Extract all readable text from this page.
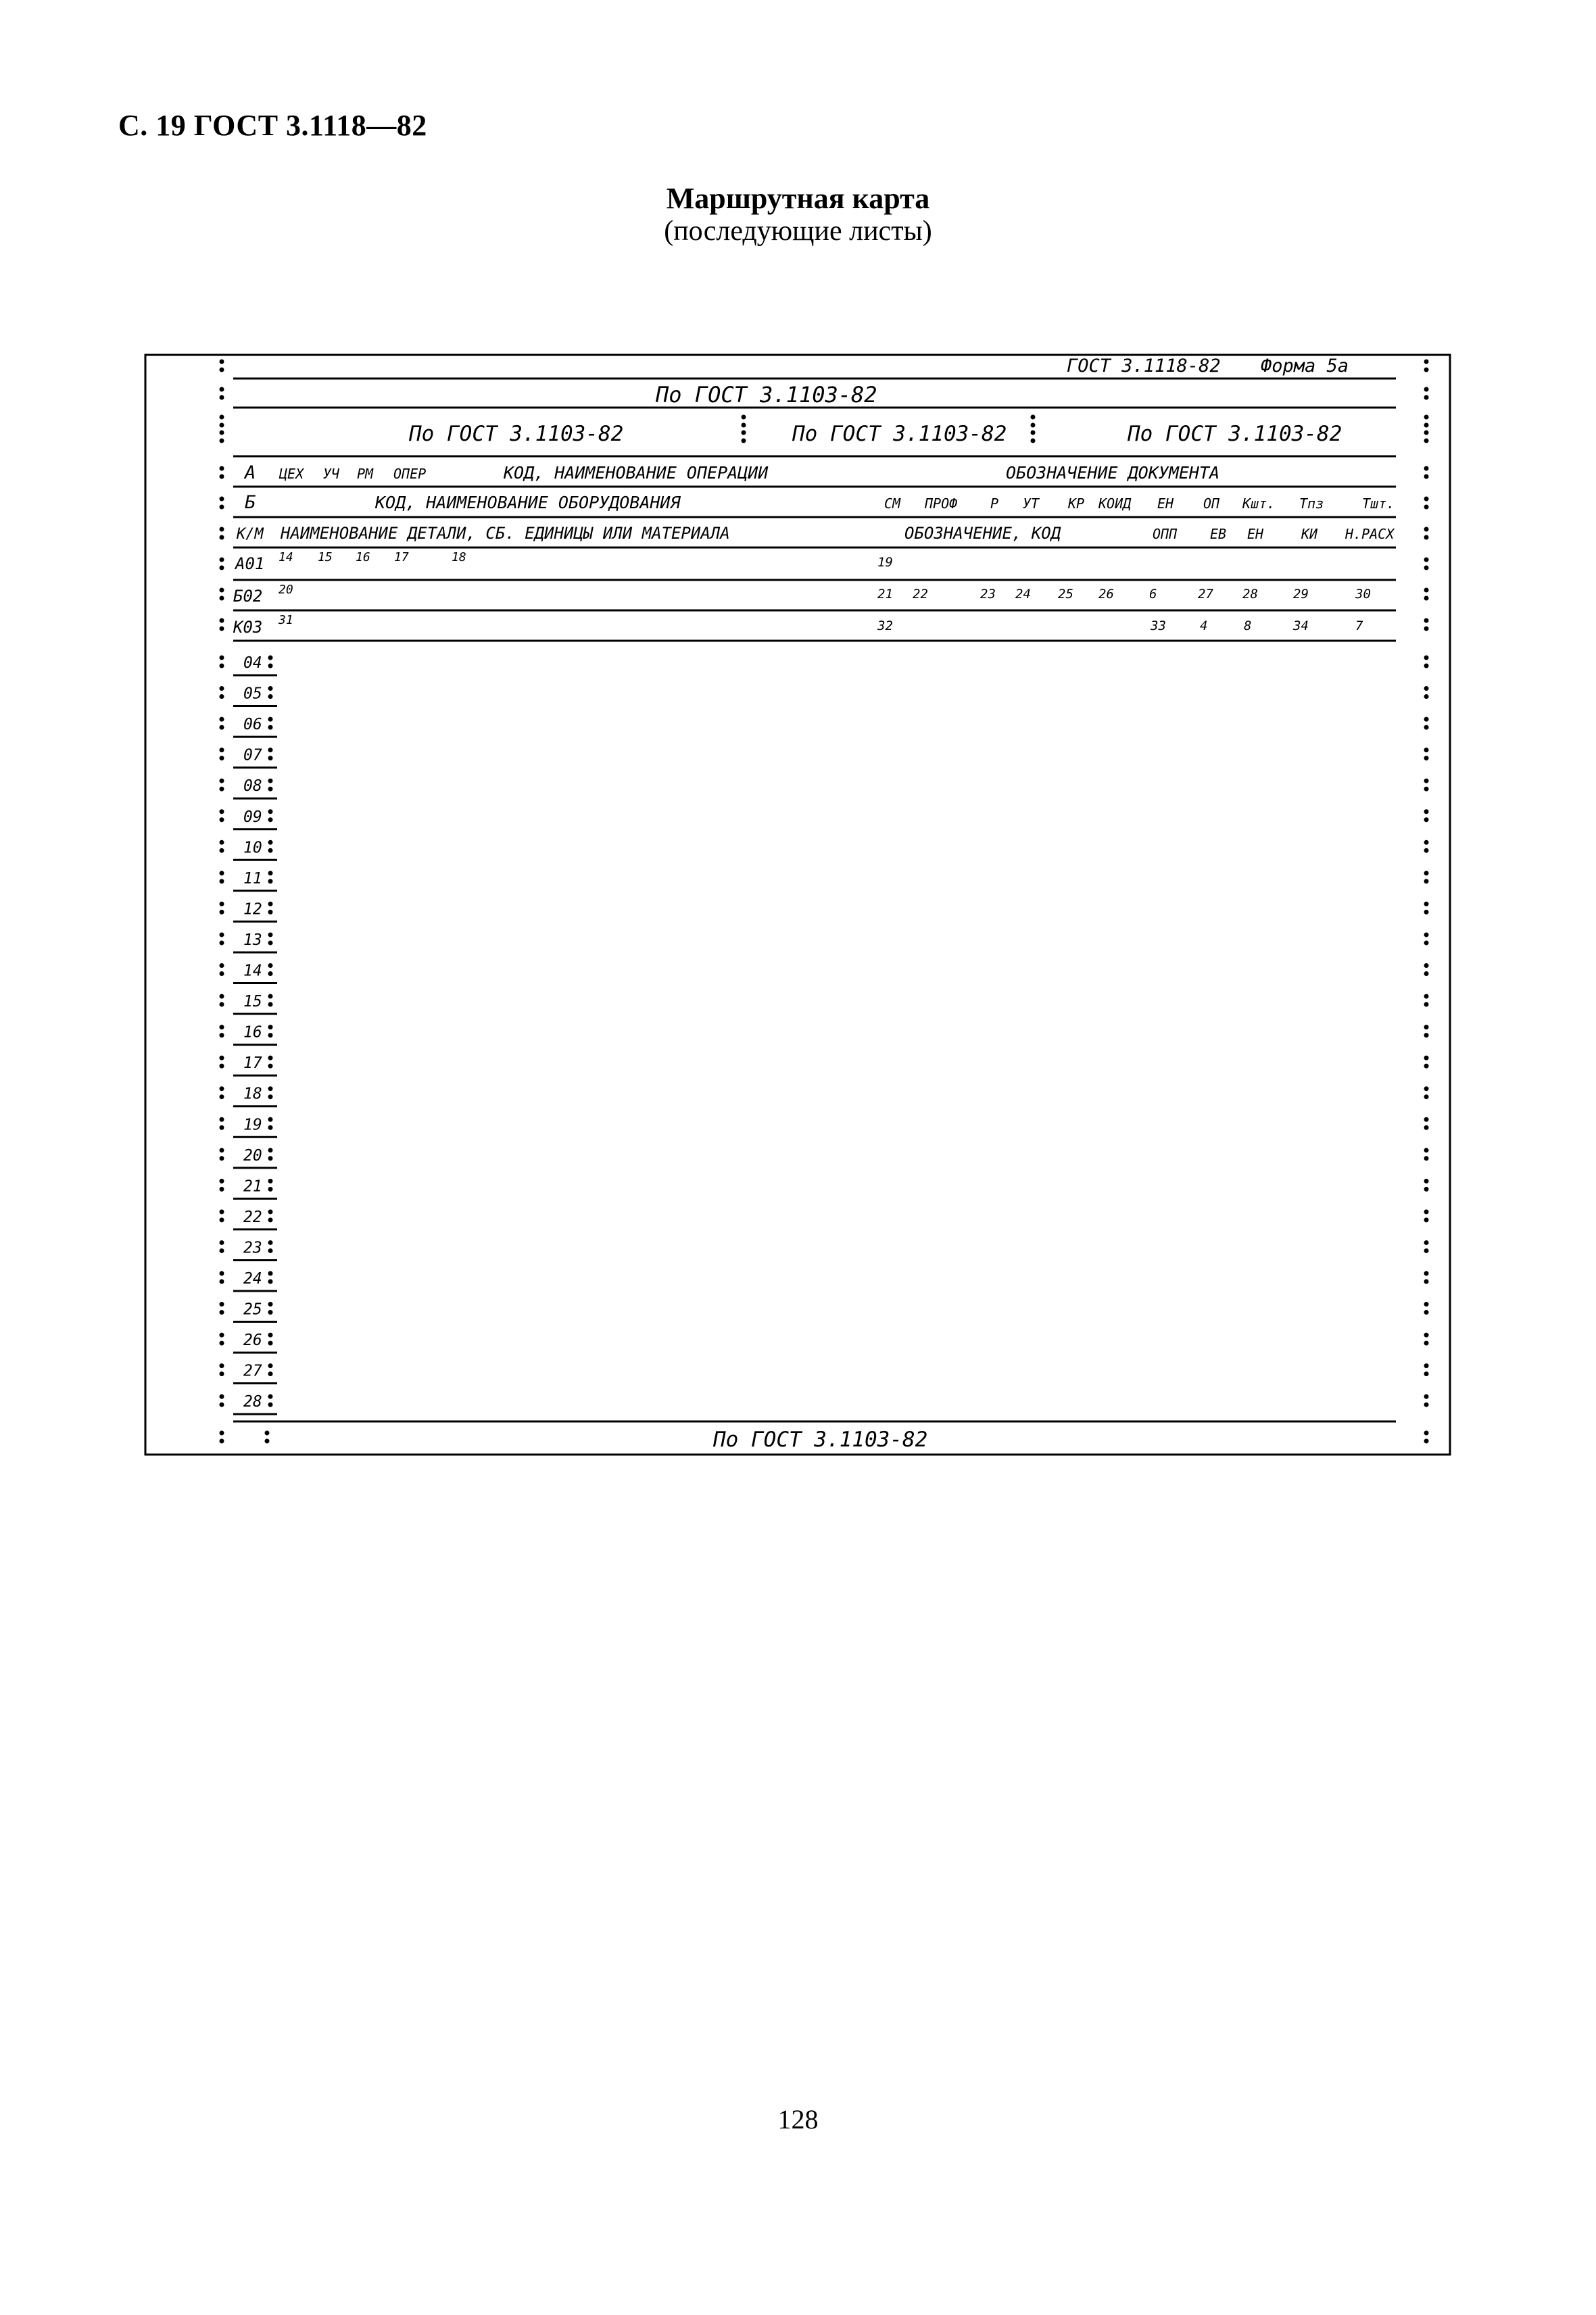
С. 19 ГОСТ 3.1118—82
Маршрутная карта
(последующие листы)
ГОСТ 3.1118-82 Форма 5а
По ГОСТ 3.1103-82
По ГОСТ 3.1103-82	По ГОСТ 3.1103-82	По ГОСТ 3.1103-82
А ЦЕХ УЧ РМ ОПЕР	КОД, НАИМЕНОВАНИЕ ОПЕРАЦИИ	ОБОЗНАЧЕНИЕ ДОКУМЕНТА
Б	КОД, НАИМЕНОВАНИЕ ОБОРУДОВАНИЯ	СМ ПРОФ Р УТ КР КОИД ЕН ОП Кшт. Тпз	Тшт.
К/М НАИМЕНОВАНИЕ ДЕТАЛИ, СБ. ЕДИНИЦЫ ИЛИ МАТЕРИАЛА	ОБОЗНАЧЕНИЕ, КОД	ОПП ЕВ ЕН	КИ Н.РАСХ
А01 14 15 16 17	18	19
Б02 20	21 22	23 24 25 26	6	27 28	29	30
К03 31	32	33	4	8	34	7
04
05
06
07
08
09
10
11
12
13
14
15
16
17
18
19
20
21
22
23
24
25
26
27
28
По ГОСТ 3.1103-82
128
